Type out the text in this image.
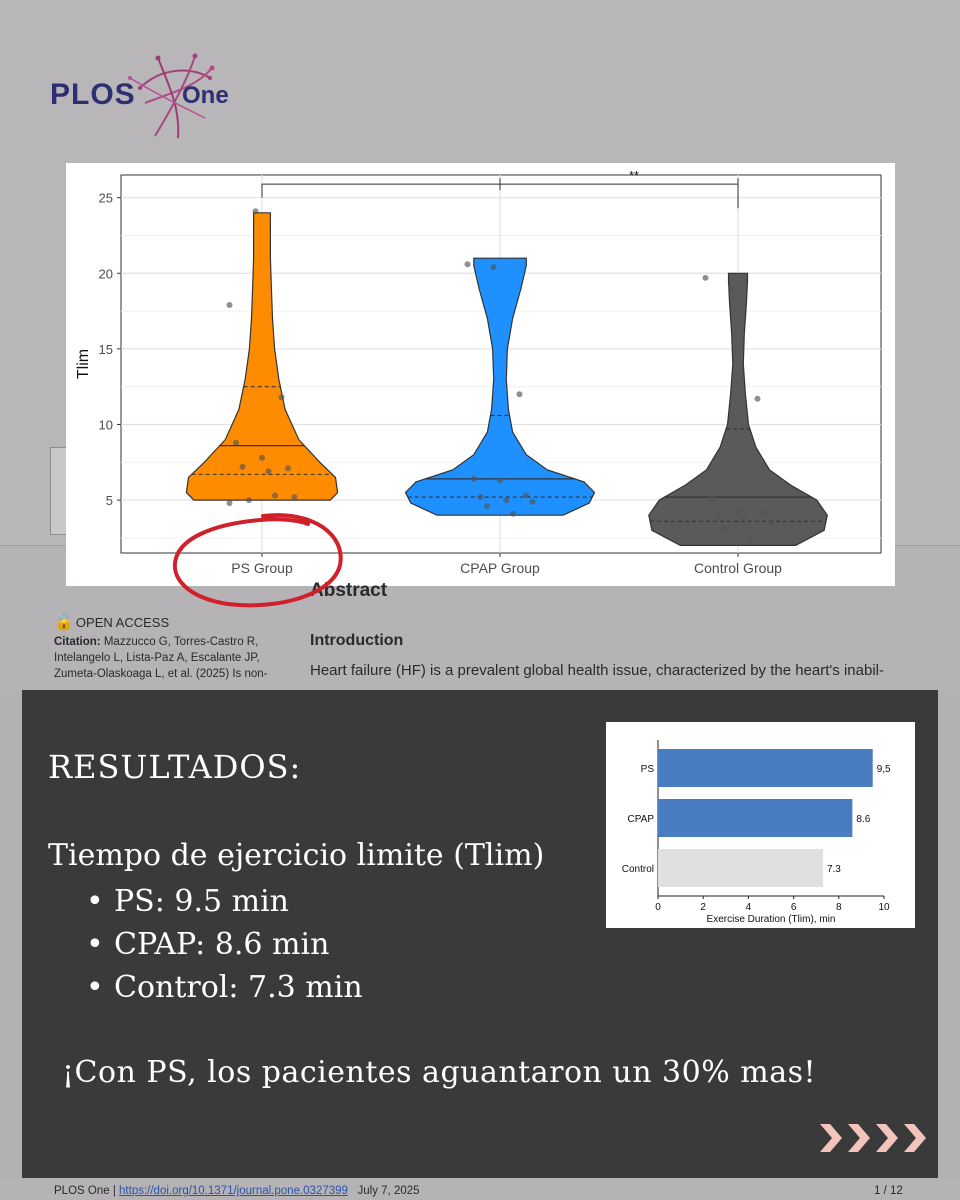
PLOS One
5
10
15
20
25
Tlim
PS Group	CPAP Group	Control Group
**
🔓 OPEN ACCESS
Citation: Mazzucco G, Torres-Castro R,
Intelangelo L, Lista-Paz A, Escalante JP,
Zumeta-Olaskoaga L, et al. (2025) Is non-
Abstract
Introduction
Heart failure (HF) is a prevalent global health issue, characterized by the heart's inabil-
RESULTADOS:
Tiempo de ejercicio limite (Tlim)
• PS: 9.5 min
• CPAP: 8.6 min
• Control: 7.3 min
¡Con PS, los pacientes aguantaron un 30% mas!
PS	9,5
CPAP	8.6
Control	7.3
0	2	4	6	8	10
Exercise Duration (Tlim), min
PLOS One | https://doi.org/10.1371/journal.pone.0327399 July 7, 2025	1 / 12
